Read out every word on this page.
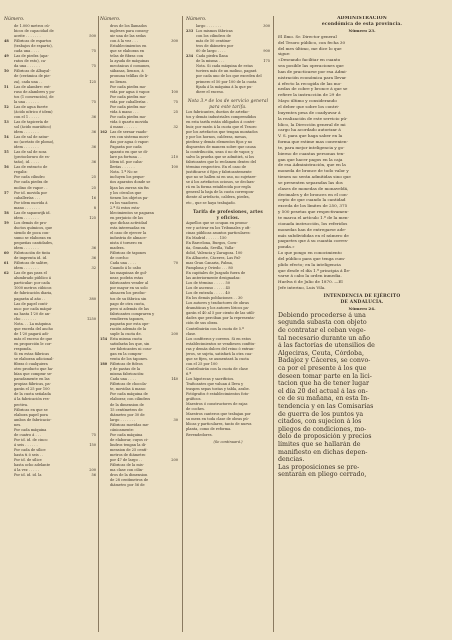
Número.
de 1.000 metros cú-
bicos de capacidad de
aceite . . . . . . .	500
48 Fábricas de espartos
(trabajos de esparto),
cada una . . . .	75
49 Las de piedra (apa-
ratos de esto), ca-
da una . . . . . .	75
50 Fábricas de Albayal-
de (cerámica de pie-
za), cada una . .	125
51 Las de alambre: ext-
ruso de alambres y po-
tos (1 convención), de
la una . . . . . .	75
52 Las de agua fuerte
(ácido nítrico é idem)
con el 1 . . . . .	36
53 Las de tapicería de
sol (ácido muriático)
idem . . . . . . .	36
54 Las de sal de satur-
no (acetato de plomo),
idem . . . . . . .	36
55 Las de sal de sosa
(protocloruro de es-
taño), id. . . . .	36
56 Las de extracto de
regaliz:
Por cada cilindro	25
Por cada piedra de
molino de vapor . .	25
57 Por id. movida por
caballerías . . .	16
Por idem movida á
mano . . . . . . .	8
58 Las de sapanwijk id.
idem . . . . . . .	125
59 Los demás de pro-
ductos químicos, que
siendo de poca con-
sumo se elaboran en
pequeñas cantidades,
idem . . . . . . .	36
60 Fabricación de tinta
de imprenta id. id.	36
61 Fábricas de salitre,
idem . . . . . . .	32
62 Las de gas para el
alumbrado público á
particular: por cada
1000 metros cúbicos
de fabricación diaria,
pagarán al año . .	380
Las de papel conti-
nuo: por cada máqui-
na hasta 1'20 de an-
cho . . . . . . .	1250
Nota. . . La máquina
que exceda del ancho
de 1'20 pagará adi-
más el exceso de que
en proporción le cor-
responda.
Si en estas fábricas
se elaboran adicional-
fibras ó cualquiera
otro producto que ha-
bían que comprar se-
paradamente en las
propias fábricas, pa-
garán el 25 por 100
de la cuota señalada
á la fabricación res-
pectiva.
Fábricas en que se
elabora papel pora
ambos de fabricacio-
nes.
Por cada máquina
de cuatro á . . .	75
Por id. id. de cinco
á seis . . . . . .	150
Por cada de sílice
hasta ti ó seis . .
Por id. de sílice
hasta ocho adelante
á la vez . . . . .	200
Por id. id. id. la	56
Número.
dros de los llamados
ingleses para conseg-
uir una de las sedas
con á la vez . . .	300
Establecimientos en
que se elaboran en
telas de fibras con
la ayuda de máquinas
mecánicas ó comunes,
sábanas, lienzos, á
pronuna telillas de li-
no lienzo.
Por cada piedra mo-
vida por agua ó vapor.	100
Por cada piedra mo-
vida por caballerías .	75
Por cada piedra mo-
vida á mano . . .	25
Por cada piedra mo-
vida ó quarto movida
á mano . . . . . .	32
162 Las de sernar vaado-
res con sistema movi-
das por agua ó vapor:
Pagarán por cada
aparato en que se di-
lare pa fortuna . .	210
Idem id. por caba-
llerías . . . . . .	100
Nota. 1.ª No se
incluyen los peque-
ños aparatos donde se
lijan las zurras sin fin
y los círculos que
tienen los objetos pa-
ra los vaadores.
2.ª Si estos esta-
blecimientos se pagaran
en perjuicio de las
que dichas actividad
esta interesadas en
el caso de ejercer la
industria de almace-
nista ó tornero en
madera.
Fábricas de tapones
de corcho:
Cada una . . . .	70
Cuando á lo cabo
las maquinas de gol-
near, podrán estas
fabricantes vender al
por mayor en su solo
almacen los produc-
tos de su fábrica sin
pago de otra cuota,
pero si además de las
fabricantes compraren y
vendieren tapones,
pagarán por esta ope-
ración además de la
suple la cuota de.	200
154 Esta misma cuota
satisfarán los que, sin
ser fabricantes ni coso-
gan en la compra-
venta de los tapones.
180 Fábricas de fideos
y de pastas de la
misma fabricación:
Cada una . . . .	140
Fábricas de chocola-
te, movidas á mano:
Por cada máquina de
elaborar, con cilindros
de la dimension de
15 centímetros de
diámetro por 30 de
largo . . . . . . .	30
Fábricas movidas me-
cánicamente:
Por cada máquina
de elaborar, cuyos ci-
lindros tengan la di-
mension de 25 centí-
metros de diámetro
por 47 de largo . .	200
Fábricas de la mis-
ma clase con cilin-
dros de la dimension
de 28 centímetros de
diámetro por 56 de
Número.
largo . . . . . . .	300
233 Los mismos fábricas
con los cilindros de
más de 50 centíme-
tros de diámetro por
60 de largo . . . .	900
234 Cada piedra llana
de la misma . . .	175
Nota. Si cada máquina de estas
tuviera más de un molino, pagará
por cada uno de los que exceden del
primero el 50 por 100 de la cuota
fijada á la máquina á la que pu-
diere el exceso.
Nota 3.ª de los de servicio general
para este tarifa.
Los fabricantes, dueños de artefac-
tos y demás industriales comprendidos
en esta tarifa están obligados á contri-
buir, por razón á la cuota que el Tesoro
por los artefactos que tengan montados
y por los hornos, calderas, mesas,
piedras y demás elementos fijos y no
dispuestos de manera sobre que causa
la contribución, sean ó no de vapor, y
salvo la prueba que se admitirá, si los
fabricantes que lo reclamen dentro del
término respectivo. En el caso de
justificarse ó fijos y fabricantemente
que no se hallen ni en uso, no sujetare-
se á los artefactos ociosos, se declara-
rá en la forma establecida por regla
general la baja de la cuota correspon-
diente al artefacto, caldera, piedra,
etc., que se haya trabajado.
Tarifa de profesiones, artes
y oficios.
Aquellos que se ocupan en promo-
ver y activar en los Tribunales y ofi-
cinas públicas asuntos particulares:
En Madrid . . . . . . 150
En Barcelona, Burgos, Coru-
ña, Granada, Sevilla, Valla-
dolid, Valencia y Zaragoza. 100
En Albacete, Cáceres, Las Pal-
mas Gran Canaria, Palma,
Pamplona y Oviedo . . . 80
En capitales de Juzgado fuera de
las anteriormente designadas:
Los de término . . . . . 50
Los de ascenso . . . . . 45
Los de entrada . . . . . 40
En los demás poblaciones . . 30
Los autores y traductores de obras
dramáticas y los autores líricos pa-
garán el 40 al 5 por ciento de las utili-
dades que perciban por la representa-
ción de sus obras.
Contribuirán con la cuota de 5.ª
clase.
Los confiteros y coreros. Si en estos
establecimientos se vendiesen confitu-
ras y demás dulces del reino ó extran-
jeros, se sujeta, satisfará la otra cua-
que se fijen, se aumentará la cuota
con el 25 por 100
Contribuirán con la cuota de clase
6.ª
Los hipotecas y sacrificios.
Traficantes que valuan á lleva y
traspen sepas tostas y tabla, arabe.
Fotógrafos é establecimientos foto-
gráficos.
Maestros ó constructores de rajas
de coches.
Maestros canteros que trabajan por
su mera en toda clase de obras pú-
blicas y particulares, tanto de nueva
planta, como de reforma.
Revendedores.
(Se continuará.)
ADMINISTRACION
econdómica de esta provincia.
Número 23.
El Ilmo. Sr. Director general
del Tesoro público, con fecha 30
del mes último, me dice lo que
sigue:
«Deseando facilitar en cuanto
sea posible las operaciones que
han de practicarse por esa Admi-
nistración económica para llevar
á efecto la recogida de las mo-
nedas de cobre y bronce á que se
refiere la instrucción de 29 de
Mayo último y considerando
el deber que sobre los contri-
buyentes pesa de coadyuvar á
la realización de este servicio pú-
blico, la Dirección general de mi
cargo ha acordado autorizar á
V. S. para que haga saber en la
forma que estime mas convenien-
te, para mejor inteligencia y go-
bierno de cuantas personas ten-
gan que hacer pagos en la caja
de esa Administración, que en la
moneda de bronce de todo valor y
tienen no serán admitidas sino que
se presenten separadas las dos
clases de monedas de monaveldá,
decimales y de bronces en el con-
cepto de que cuando la cantidad
exceda de los límites de 250, 375
y 500 pesetas que respectivamen-
te marca el artículo 1.º de la men-
cionada instrucción, los referidos
monedas han de entregarse ade-
más subdivididas en el número de
paquetes que á su cuantía corres-
ponda.»
Lo que pongo en conocimiento
del público para que tenga cum-
plido efecto; en la inteligencia
que desde el día 1.º principia á lle-
varse á cabo la orden inmedia.
Huelva 6 de Julio de 1870. —El
Jefe interino, Luis Vila.
INTENDENCIA DE EJÉRCITO
DE ANDALUCÍA.
Número 24.
Debiendo procederse á una
segunda subasta con objeto
de contratar el ceban vege-
tal necesario durante un año
á las factorías de utensilios de
Algeciras, Ceuta, Córdoba,
Badajoz y Cáceres, se convo-
ca por el presente á los que
deseen tomar parte en la lici-
tacion que ha de tener lugar
el día 20 del actual á las on-
ce de su mañana, en esta In-
tendencia y en las Comisarías
de guerra de los puntos ya
citados, con sujecion á los
pliegos de condiciones, mo-
delo de proposición y precios
límites que se hallarán de
manifiesto en dichas depen-
dencias.
Las proposiciones se pre-
sentarán en pliego cerrado,
